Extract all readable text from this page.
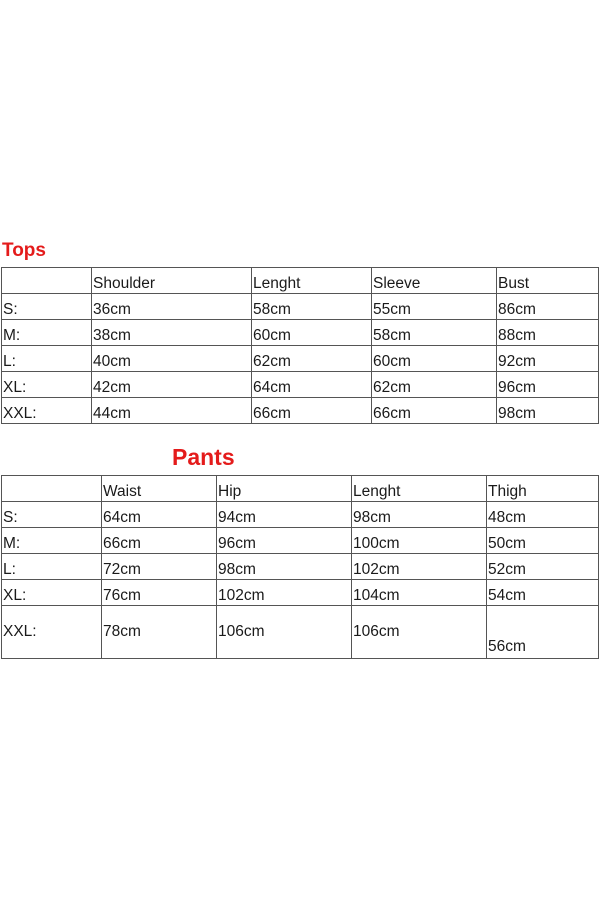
Tops
	Shoulder	Lenght	Sleeve	Bust
S:	36cm	58cm	55cm	86cm
M:	38cm	60cm	58cm	88cm
L:	40cm	62cm	60cm	92cm
XL:	42cm	64cm	62cm	96cm
XXL:	44cm	66cm	66cm	98cm
Pants
	Waist	Hip	Lenght	Thigh
S:	64cm	94cm	98cm	48cm
M:	66cm	96cm	100cm	50cm
L:	72cm	98cm	102cm	52cm
XL:	76cm	102cm	104cm	54cm
XXL:	78cm	106cm	106cm	56cm
